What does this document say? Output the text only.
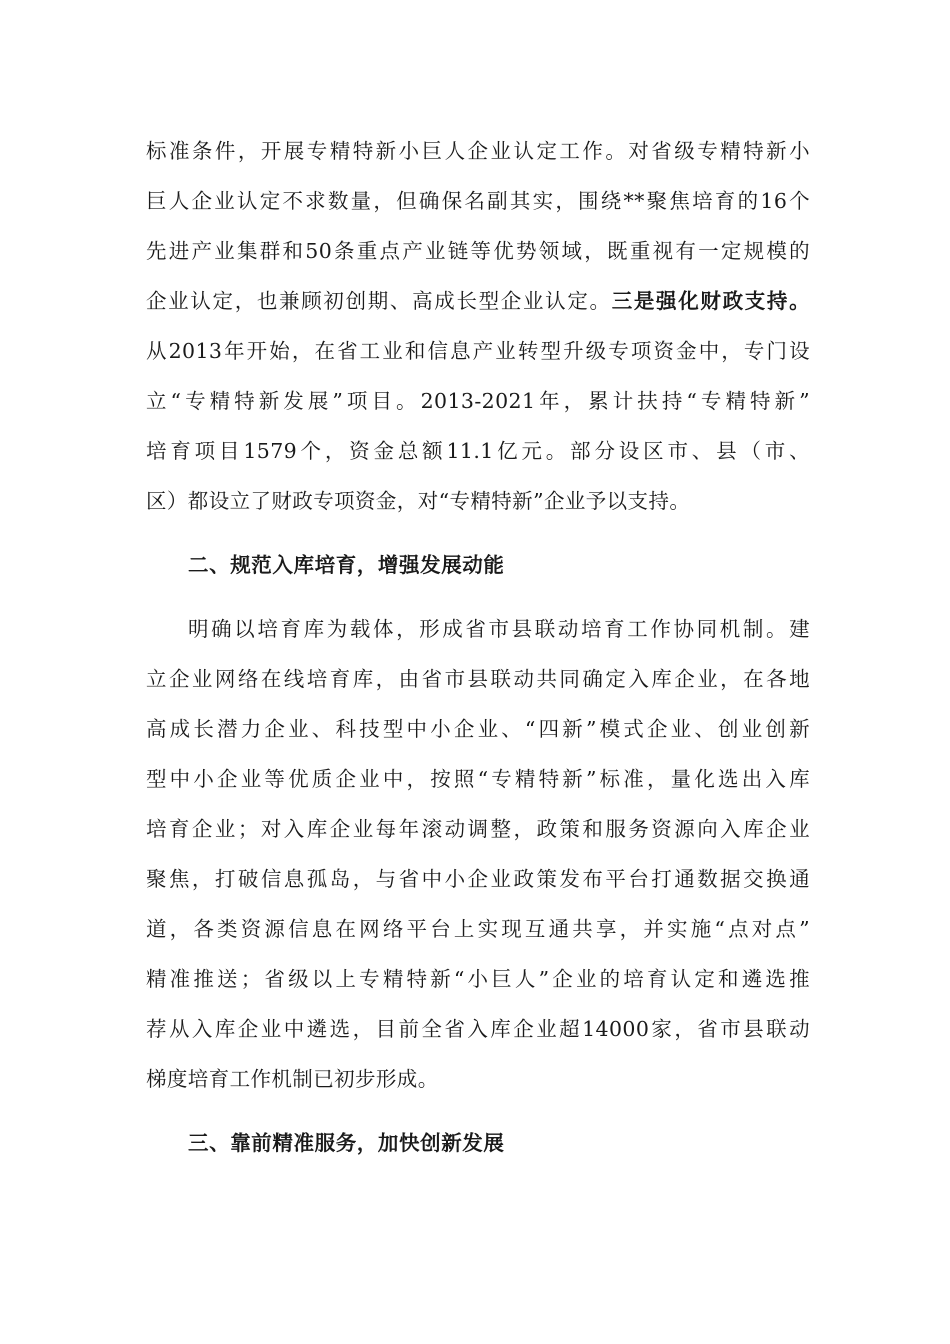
标准条件，开展专精特新小巨人企业认定工作。对省级专精特新小
巨人企业认定不求数量，但确保名副其实，围绕**聚焦培育的16个
先进产业集群和50条重点产业链等优势领域，既重视有一定规模的
企业认定，也兼顾初创期、高成长型企业认定。三是强化财政支持。
从2013年开始，在省工业和信息产业转型升级专项资金中，专门设
立“专精特新发展”项目。2013-2021年，累计扶持“专精特新”
培育项目1579个，资金总额11.1亿元。部分设区市、县（市、
区）都设立了财政专项资金，对“专精特新”企业予以支持。
二、规范入库培育，增强发展动能
明确以培育库为载体，形成省市县联动培育工作协同机制。建
立企业网络在线培育库，由省市县联动共同确定入库企业，在各地
高成长潜力企业、科技型中小企业、“四新”模式企业、创业创新
型中小企业等优质企业中，按照“专精特新”标准，量化选出入库
培育企业；对入库企业每年滚动调整，政策和服务资源向入库企业
聚焦，打破信息孤岛，与省中小企业政策发布平台打通数据交换通
道，各类资源信息在网络平台上实现互通共享，并实施“点对点”
精准推送；省级以上专精特新“小巨人”企业的培育认定和遴选推
荐从入库企业中遴选，目前全省入库企业超14000家，省市县联动
梯度培育工作机制已初步形成。
三、靠前精准服务，加快创新发展
